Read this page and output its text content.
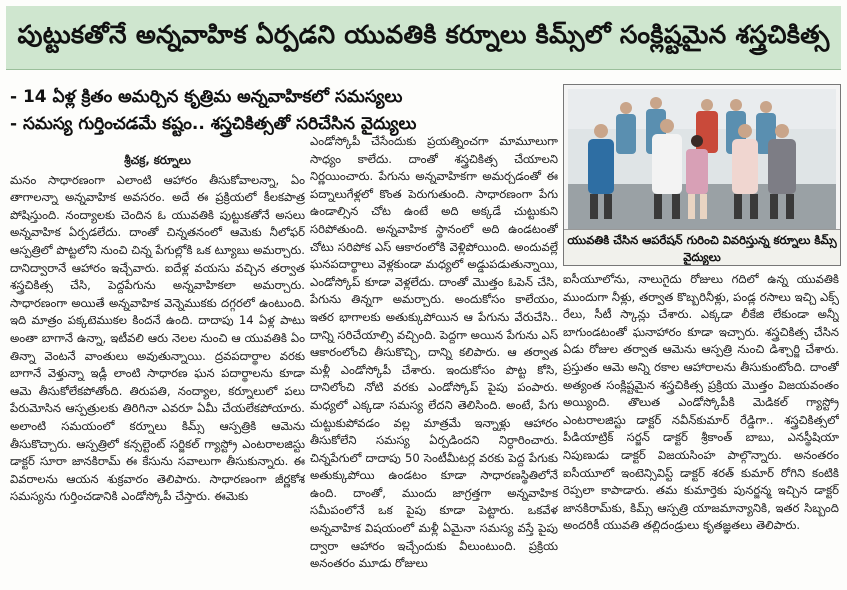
పుట్టుకతోనే అన్నవాహిక ఏర్పడని యువతికి కర్నూలు కిమ్స్‌లో సంక్లిష్టమైన శస్త్రచికిత్స
- 14 ఏళ్ల క్రితం అమర్చిన కృత్రిమ అన్నవాహికలో సమస్యలు
- సమస్య గుర్తించడమే కష్టం.. శస్త్రచికిత్సతో సరిచేసిన వైద్యులు
యువతికి చేసిన ఆపరేషన్ గురించి వివరిస్తున్న కర్నూలు కిమ్స్ వైద్యులు
శ్రీచక్ర, కర్నూలు

మనం సాధారణంగా ఎలాంటి ఆహారం తీసుకోవాలన్నా, ఏం తాగాలన్నా అన్నవాహిక అవసరం. అదే ఈ ప్రక్రియలో కీలకపాత్ర పోషిస్తుంది. నంద్యాలకు చెందిన ఓ యువతికి పుట్టుకతోనే అసలు అన్నవాహిక ఏర్పడలేదు. దాంతో చిన్నతనంలో ఆమెకు నీలోఫర్ ఆస్పత్రిలో పొట్టలోని నుంచి చిన్న పేగుల్లోకి ఒక ట్యూబు అమర్చారు. దానిద్వారానే ఆహారం ఇచ్చేవారు. ఐదేళ్ల వయసు వచ్చిన తర్వాత శస్త్రచికిత్స చేసి, పెద్దపేగును అన్నవాహికలా అమర్చారు. సాధారణంగా అయితే అన్నవాహిక వెన్నెముకకు దగ్గరలో ఉంటుంది. ఇది మాత్రం పక్కటెముకల కిందనే ఉంది. దాదాపు 14 ఏళ్ల పాటు అంతా బాగానే ఉన్నా, ఇటీవలి ఆరు నెలల నుంచి ఆ యువతికి ఏం తిన్నా వెంటనే వాంతులు అవుతున్నాయి. ద్రవపదార్థాల వరకు బాగానే వెళ్తున్నా ఇడ్లీ లాంటి సాధారణ ఘన పదార్థాలను కూడా ఆమె తీసుకోలేకపోతోంది. తిరుపతి, నంద్యాల, కర్నూలులో పలు పేరుమోసిన ఆస్పత్రులకు తిరిగినా ఎవరూ ఏమీ చేయలేకపోయారు. అలాంటి సమయంలో కర్నూలు కిమ్స్ ఆస్పత్రికి ఆమెను తీసుకొచ్చారు. ఆస్పత్రిలో కన్సల్టెంట్ సర్జికల్ గ్యాస్ట్రో ఎంటరాలజిస్టు డాక్టర్ సూరా జానకిరామ్ ఈ కేసును సవాలుగా తీసుకున్నారు. ఈ వివరాలను ఆయన శుక్రవారం తెలిపారు. సాధారణంగా జీర్ణకోశ సమస్యను గుర్తించడానికి ఎండోస్కోపీ చేస్తారు. ఈమెకు

ఎండోస్కోపీ చేసేందుకు ప్రయత్నించగా మామూలుగా సాధ్యం కాలేదు. దాంతో శస్త్రచికిత్స చేయాలని నిర్ణయించారు. పేగును అన్నవాహికగా అమర్చడంతో ఈ పద్నాలుగేళ్లలో కొంత పెరుగుతుంది. సాధారణంగా పేగు ఉండాల్సిన చోట ఉంటే అది అక్కడే చుట్టుకుని సరిపోతుంది. అన్నవాహిక స్థానంలో అది ఉండటంతో చోటు సరిపోక ఎస్ ఆకారంలోకి వెళ్లిపోయింది. అందువల్లే ఘనపదార్థాలు వెళ్లకుండా మధ్యలో అడ్డుపడుతున్నాయి, ఎండోస్కోప్ కూడా వెళ్లలేదు. దాంతో మొత్తం ఓపెన్ చేసి, పేగును తిన్నగా అమర్చారు. అందుకోసం కాలేయం, ఇతర భాగాలకు అతుక్కుపోయిన ఆ పేగును వేరుచేసి.. దాన్ని సరిచేయాల్సి వచ్చింది. పెద్దగా అయిన పేగును ఎస్ ఆకారంలోంచి తీసుకొచ్చి, దాన్ని కలిపారు. ఆ తర్వాత మళ్లీ ఎండోస్కోపీ చేశారు. ఇందుకోసం పొట్ట కోసి, దానిలోంచి నోటి వరకు ఎండోస్కోప్ పైపు పంపారు. మధ్యలో ఎక్కడా సమస్య లేదని తెలిసింది. అంటే, పేగు చుట్టుకుపోవడం వల్ల మాత్రమే ఇన్నాళ్లు ఆహారం తీసుకోలేని సమస్య ఏర్పడిందని నిర్ధారించారు. చిన్నపేగులో దాదాపు 50 సెంటీమీటర్ల వరకు పెద్ద పేగుకు అతుక్కుపోయి ఉండటం కూడా సాధారణస్థితిలోనే ఉంది. దాంతో, ముందు జాగ్రత్తగా అన్నవాహిక సమీపంలోనే ఒక పైపు కూడా పెట్టారు. ఒకవేళ అన్నవాహిక విషయంలో మళ్లీ ఏమైనా సమస్య వస్తే పైపు ద్వారా ఆహారం ఇచ్చేందుకు వీలుంటుంది. ప్రక్రియ అనంతరం మూడు రోజులు

ఐసీయూలోను, నాలుగైదు రోజులు గదిలో ఉన్న యువతికి ముందుగా నీళ్లు, తర్వాత కొబ్బరినీళ్లు, పండ్ల రసాలు ఇచ్చి ఎక్స్ రేలు, సీటీ స్కాన్లు చేశారు. ఎక్కడా లీకేజి లేకుండా అన్నీ బాగుండటంతో ఘనాహారం కూడా ఇచ్చారు. శస్త్రచికిత్స చేసిన ఏడు రోజుల తర్వాత ఆమెను ఆస్పత్రి నుంచి డిశ్చార్జి చేశారు. ప్రస్తుతం ఆమె అన్ని రకాల ఆహారాలను తీసుకుంటోంది. దాంతో అత్యంత సంక్లిష్టమైన శస్త్రచికిత్స ప్రక్రియ మొత్తం విజయవంతం అయ్యింది. తొలుత ఎండోస్కోపీకి మెడికల్ గ్యాస్ట్రో ఎంటరాలజిస్టు డాక్టర్ నవీన్‌కుమార్ రేడ్డిగా.. శస్త్రచికిత్సలో పీడియాట్రిక్ సర్జన్ డాక్టర్ శ్రీకాంత్ బాబు, ఎనస్థీషియా నిపుణుడు డాక్టర్ విజయసింహ పాల్గొన్నారు. అనంతరం ఐసీయూలో ఇంటెన్సివిస్ట్ డాక్టర్ శరత్ కుమార్ రోగిని కంటికి రెప్పలా కాపాడారు. తమ కుమార్తెకు పునర్జన్మ ఇచ్చిన డాక్టర్ జానకిరామ్‌కు, కిమ్స్ ఆస్పత్రి యాజమాన్యానికి, ఇతర సిబ్బంది అందరికీ యువతి తల్లిదండ్రులు కృతజ్ఞతలు తెలిపారు.
